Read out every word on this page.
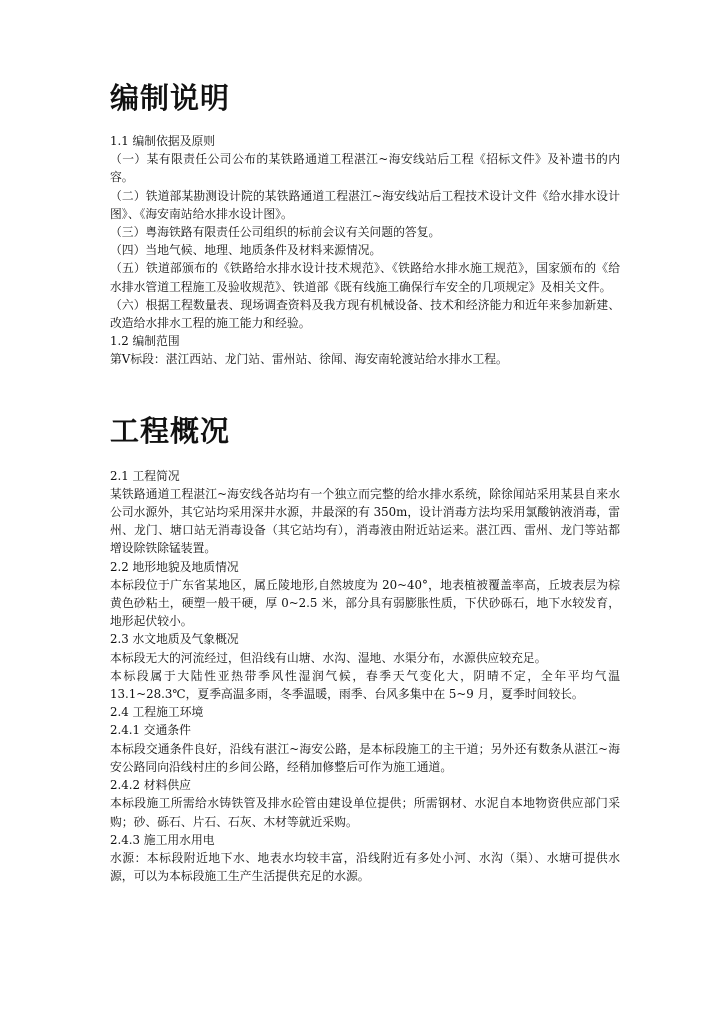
编制说明

1.1 编制依据及原则

（一）某有限责任公司公布的某铁路通道工程湛江~海安线站后工程《招标文件》及补遗书的内容。

（二）铁道部某勘测设计院的某铁路通道工程湛江~海安线站后工程技术设计文件《给水排水设计图》、《海安南站给水排水设计图》。

（三）粤海铁路有限责任公司组织的标前会议有关问题的答复。

（四）当地气候、地理、地质条件及材料来源情况。

（五）铁道部颁布的《铁路给水排水设计技术规范》、《铁路给水排水施工规范》，国家颁布的《给水排水管道工程施工及验收规范》、铁道部《既有线施工确保行车安全的几项规定》及相关文件。

（六）根据工程数量表、现场调查资料及我方现有机械设备、技术和经济能力和近年来参加新建、改造给水排水工程的施工能力和经验。

1.2 编制范围

第Ⅴ标段：湛江西站、龙门站、雷州站、徐闻、海安南轮渡站给水排水工程。

工程概况

2.1 工程简况

某铁路通道工程湛江~海安线各站均有一个独立而完整的给水排水系统，除徐闻站采用某县自来水公司水源外，其它站均采用深井水源，井最深的有 350m，设计消毒方法均采用氯酸钠液消毒，雷州、龙门、塘口站无消毒设备（其它站均有），消毒液由附近站运来。湛江西、雷州、龙门等站都增设除铁除锰装置。

2.2 地形地貌及地质情况

本标段位于广东省某地区，属丘陵地形,自然坡度为 20~40°，地表植被覆盖率高，丘坡表层为棕黄色砂粘土，硬塑一般干硬，厚 0~2.5 米，部分具有弱膨胀性质，下伏砂砾石，地下水较发育，地形起伏较小。

2.3 水文地质及气象概况

本标段无大的河流经过，但沿线有山塘、水沟、湿地、水渠分布，水源供应较充足。

本标段属于大陆性亚热带季风性湿润气候，春季天气变化大，阴晴不定，全年平均气温13.1~28.3℃，夏季高温多雨，冬季温暖，雨季、台风多集中在 5~9 月，夏季时间较长。

2.4 工程施工环境

2.4.1 交通条件

本标段交通条件良好，沿线有湛江~海安公路，是本标段施工的主干道；另外还有数条从湛江~海安公路同向沿线村庄的乡间公路，经稍加修整后可作为施工通道。

2.4.2 材料供应

本标段施工所需给水铸铁管及排水砼管由建设单位提供；所需钢材、水泥自本地物资供应部门采购；砂、砾石、片石、石灰、木材等就近采购。

2.4.3 施工用水用电

水源：本标段附近地下水、地表水均较丰富，沿线附近有多处小河、水沟（渠）、水塘可提供水源，可以为本标段施工生产生活提供充足的水源。
